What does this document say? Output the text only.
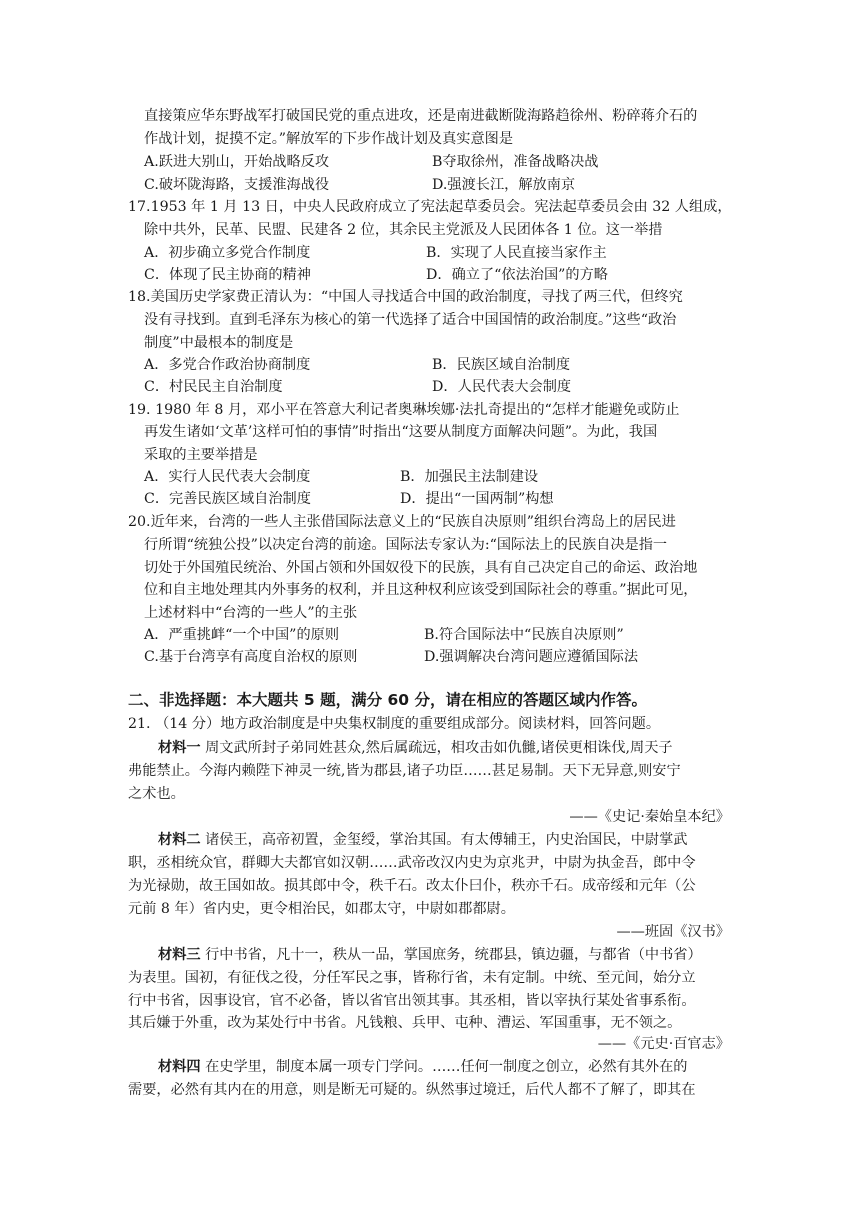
直接策应华东野战军打破国民党的重点进攻，还是南进截断陇海路趋徐州、粉碎蒋介石的
作战计划，捉摸不定。”解放军的下步作战计划及真实意图是
A.跃进大别山，开始战略反攻	B夺取徐州，准备战略决战
C.破坏陇海路，支援淮海战役	D.强渡长江，解放南京
17.1953 年 1 月 13 日，中央人民政府成立了宪法起草委员会。宪法起草委员会由 32 人组成，
除中共外，民革、民盟、民建各 2 位，其余民主党派及人民团体各 1 位。这一举措
A．初步确立多党合作制度	B．实现了人民直接当家作主
C．体现了民主协商的精神	D．确立了“依法治国”的方略
18.美国历史学家费正清认为：“中国人寻找适合中国的政治制度，寻找了两三代，但终究
没有寻找到。直到毛泽东为核心的第一代选择了适合中国国情的政治制度。”这些“政治
制度”中最根本的制度是
A．多党合作政治协商制度	B．民族区域自治制度
C．村民民主自治制度	D．人民代表大会制度
19. 1980 年 8 月，邓小平在答意大利记者奥琳埃娜·法扎奇提出的“怎样才能避免或防止
再发生诸如‘文革’这样可怕的事情”时指出“这要从制度方面解决问题”。为此，我国
采取的主要举措是
A．实行人民代表大会制度	B．加强民主法制建设
C．完善民族区域自治制度	D．提出“一国两制”构想
20.近年来，台湾的一些人主张借国际法意义上的“民族自决原则”组织台湾岛上的居民进
行所谓“统独公投”以决定台湾的前途。国际法专家认为:“国际法上的民族自决是指一
切处于外国殖民统治、外国占领和外国奴役下的民族，具有自己决定自己的命运、政治地
位和自主地处理其内外事务的权利，并且这种权利应该受到国际社会的尊重。”据此可见，
上述材料中“台湾的一些人”的主张
A．严重挑衅“一个中国”的原则	B.符合国际法中“民族自决原则”
C.基于台湾享有高度自治权的原则	D.强调解决台湾问题应遵循国际法
二、非选择题：本大题共 5 题，满分 60 分，请在相应的答题区域内作答。
21. （14 分）地方政治制度是中央集权制度的重要组成部分。阅读材料，回答问题。
材料一 周文武所封子弟同姓甚众,然后属疏远，相攻击如仇雠,诸侯更相诛伐,周天子
弗能禁止。今海内赖陛下神灵一统,皆为郡县,诸子功臣……甚足易制。天下无异意,则安宁
之术也。
——《史记·秦始皇本纪》
材料二 诸侯王，高帝初置，金玺绶，掌治其国。有太傅辅王，内史治国民，中尉掌武
职，丞相统众官，群卿大夫都官如汉朝……武帝改汉内史为京兆尹，中尉为执金吾，郎中令
为光禄勋，故王国如故。损其郎中令，秩千石。改太仆曰仆，秩亦千石。成帝绥和元年（公
元前 8 年）省内史，更令相治民，如郡太守，中尉如郡都尉。
——班固《汉书》
材料三 行中书省，凡十一，秩从一品，掌国庶务，统郡县，镇边疆，与都省（中书省）
为表里。国初，有征伐之役，分任军民之事，皆称行省，未有定制。中统、至元间，始分立
行中书省，因事设官，官不必备，皆以省官出领其事。其丞相，皆以宰执行某处省事系衔。
其后嫌于外重，改为某处行中书省。凡钱粮、兵甲、屯种、漕运、军国重事，无不领之。
——《元史·百官志》
材料四 在史学里，制度本属一项专门学问。……任何一制度之创立，必然有其外在的
需要，必然有其内在的用意，则是断无可疑的。纵然事过境迁，后代人都不了解了，即其在
